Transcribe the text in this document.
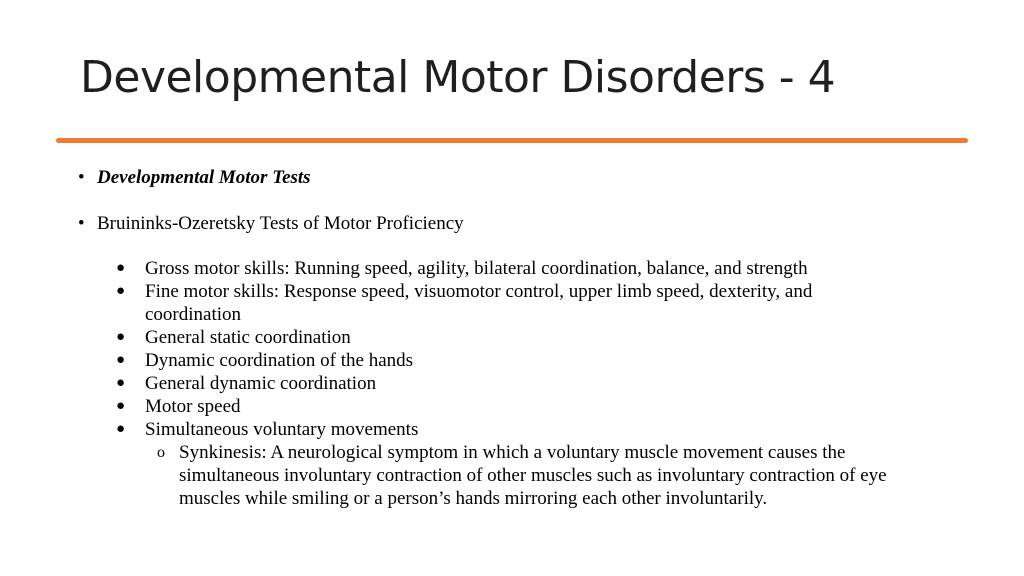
Developmental Motor Disorders - 4
• Developmental Motor Tests
• Bruininks-Ozeretsky Tests of Motor Proficiency
● Gross motor skills: Running speed, agility, bilateral coordination, balance, and strength
● Fine motor skills: Response speed, visuomotor control, upper limb speed, dexterity, and coordination
● General static coordination
● Dynamic coordination of the hands
● General dynamic coordination
● Motor speed
● Simultaneous voluntary movements
o Synkinesis: A neurological symptom in which a voluntary muscle movement causes the simultaneous involuntary contraction of other muscles such as involuntary contraction of eye muscles while smiling or a person’s hands mirroring each other involuntarily.
